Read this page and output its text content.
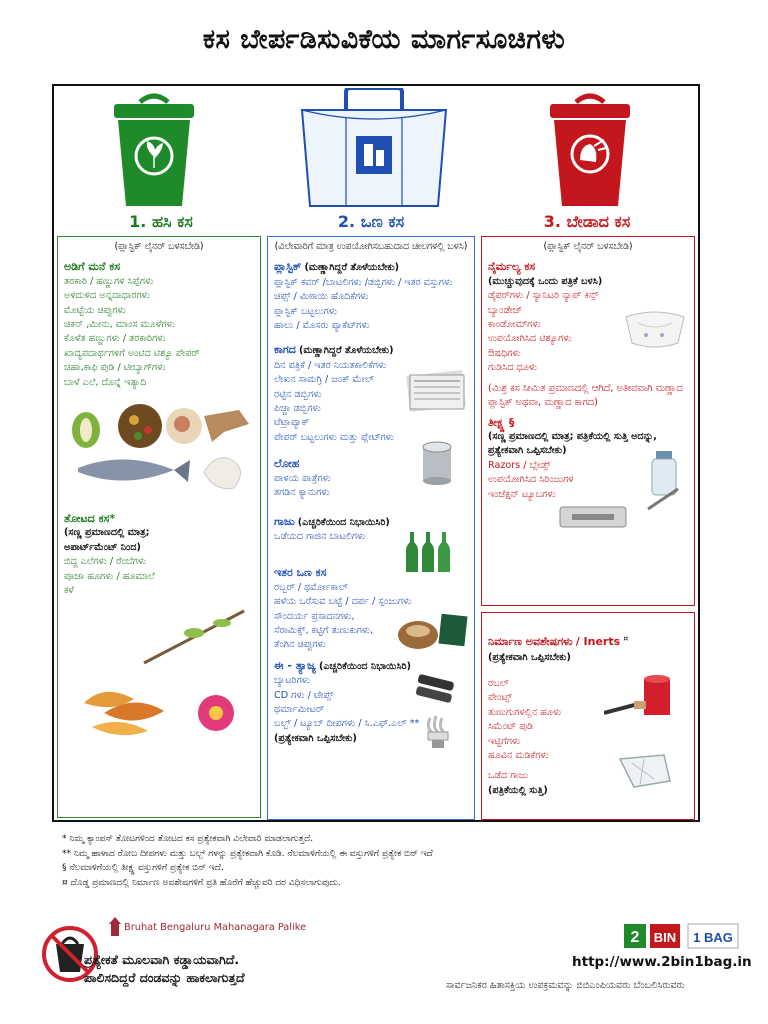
ಕಸ ಬೇರ್ಪಡಿಸುವಿಕೆಯ ಮಾರ್ಗಸೂಚಿಗಳು
1. ಹಸಿ ಕಸ	2. ಒಣ ಕಸ	3. ಬೇಡಾದ ಕಸ
(ಪ್ಲಾಸ್ಟಿಕ್ ಲೈನರ್ ಬಳಸಬೇಡಿ)
ಅಡಿಗೆ ಮನೆ ಕಸ
ತರಕಾರಿ / ಹಣ್ಣುಗಳ ಸಿಪ್ಪೆಗಳು
ಅಳಿದುಳಿದ ಅನ್ನದಾಧಾರಗಳು
ಮೊಟ್ಟೆಯ ಚಿಪ್ಪುಗಳು
ಚಿಕನ್ ,ಮೀನು, ಮಾಂಸ ಮೂಳೆಗಳು
ಕೊಳೆತ ಹಣ್ಣುಗಳು / ತರಕಾರಿಗಳು
ಖಾದ್ಯಪದಾರ್ಥಗಳಿಗೆ ಅಂಟಿದ ಟಿಶ್ಯೂ ಪೇಪರ್
ಚಹಾ,ಕಾಫಿ ಪುಡಿ / ಟೀಬ್ಯಾಗ್‍ಗಳು
ಬಾಳೆ ಎಲೆ, ದೊನ್ನೆ ಇತ್ಯಾದಿ
ತೋಟದ ಕಸ*
(ಸಣ್ಣ ಪ್ರಮಾಣದಲ್ಲಿ ಮಾತ್ರ;
ಅಪಾರ್ಟ್‍ಮೆಂಟ್ ನಿಂದ)
ಬಿದ್ದ ಎಲೆಗಳು / ರೆಂಬೆಗಳು
ಪೂಜಾ ಹೂಗಳು / ಹೂಮಾಲೆ
ಕಳೆ
(ವಿಲೇವಾರಿಗೆ ಮಾತ್ರ ಉಪಯೋಗಿಸಬಹುದಾದ ಚೀಲಗಳಲ್ಲಿ ಬಳಸಿ)
ಪ್ಲಾಸ್ಟಿಕ್ (ಮಣ್ಣಾಗಿದ್ದರೆ ತೊಳೆಯಬೇಕು)
ಪ್ಲಾಸ್ಟಿಕ್ ಕವರ್ /ಬಾಟಲಿಗಳು /ಡಬ್ಬಿಗಳು / ಇತರ ವಸ್ತುಗಳು
ಚಿಪ್ಸ್ / ಮಿಠಾಯಿ ಹೊದಿಕೆಗಳು
ಪ್ಲಾಸ್ಟಿಕ್ ಬಟ್ಟಲುಗಳು
ಹಾಲು / ಮೊಸರು ಪ್ಯಾಕೆಟ್‍ಗಳು
ಕಾಗದ (ಮಣ್ಣಾಗಿದ್ದರೆ ತೊಳೆಯಬೇಕು)
ದಿನ ಪತ್ರಿಕೆ / ಇತರ ನಿಯತಕಾಲಿಕೆಗಳು
ಲೇಖನ ಸಾಮಗ್ರಿ / ಜಂಕ್ ಮೇಲ್
ರಟ್ಟಿನ ಡಬ್ಬಿಗಳು
ಪಿಜ್ಜಾ ಡಬ್ಬಿಗಳು
ಟೆಟ್ರಾಪ್ಯಾಕ್
ಪೇಪರ್ ಬಟ್ಟಲುಗಳು ಮತ್ತು ಪ್ಲೇಟ್‍ಗಳು
ಲೋಹ
ಪಾಳಯ ಪಾತ್ರೆಗಳು
ತಗಡಿನ ಕ್ಯಾನುಗಳು
ಗಾಜು (ಎಚ್ಚರಿಕೆಯಿಂದ ನಿಭಾಯಿಸಿರಿ)
ಒಡೆಯದ ಗಾಜಿನ ಬಾಟಲಿಗಳು
ಇತರ ಒಣ ಕಸ
ರಬ್ಬರ್ / ಥರ್ಮೋಕಾಲ್
ಹಳೆಯ ಒರೆಸುವ ಬಟ್ಟೆ / ದರ್ಪ / ಸ್ಪಂಜುಗಳು
ಸೌಂದರ್ಯ ಪ್ರಸಾದನಗಳು,
ಸೆರಾಮಿಕ್ಸ್, ಕಟ್ಟಿಗೆ ತುಣುಕುಗಳು,
ತೆಂಗಿನ ಚಿಪ್ಪುಗಳು
ಈ - ತ್ಯಾಜ್ಯ (ಎಚ್ಚರಿಕೆಯಿಂದ ನಿಭಾಯಿಸಿರಿ)
ಬ್ಯಾಟರಿಗಳು
CD ಗಳು / ಟೇಪ್ಸ್
ಥರ್ಮಾಮೀಟರ್
ಬಲ್ಬ್ / ಟ್ಯೂಬ್ ದೀಪಗಳು / ಸಿ.ಎಫ್.ಎಲ್ **
(ಪ್ರತ್ಯೇಕವಾಗಿ ಒಪ್ಪಿಸಬೇಕು)
(ಪ್ಲಾಸ್ಟಿಕ್ ಲೈನರ್ ಬಳಸಬೇಡಿ)
ನೈರ್ಮಲ್ಯ ಕಸ
(ಮುಚ್ಚುವುದಕ್ಕೆ ಒಂದು ಪತ್ರಿಕೆ ಬಳಸಿ)
ಡೈಪರ್‌ಗಳು / ಸ್ಯಾನಿಟರಿ ನ್ಯಾಪ್ ಕಿನ್ಸ್
ಬ್ಯಾಂಡೇಜ್
ಕಾಂಡೋಮ್‍ಗಳು
ಉಪಯೋಗಿಸಿದ ಟಿಶ್ಯೂಗಳು
ಔಷಧಿಗಳು
ಗುಡಿಸಿದ ಧೂಳು
(ಮಿಶ್ರ ಕಸ ಸೀಮಿತ ಪ್ರಮಾಣದಲ್ಲಿ ಆಗಿದೆ, ಅತೀವವಾಗಿ ಮಣ್ಣಾದ ಪ್ಲಾಸ್ಟಿಕ್ ಅಥವಾ, ಮಣ್ಣಾದ ಕಾಗದ)
ತೀಕ್ಷ್ಣ §
(ಸಣ್ಣ ಪ್ರಮಾಣದಲ್ಲಿ ಮಾತ್ರ; ಪತ್ರಿಕೆಯಲ್ಲಿ ಸುತ್ತಿ ಅದನ್ನು, ಪ್ರತ್ಯೇಕವಾಗಿ ಒಪ್ಪಿಸಬೇಕು)
Razors / ಬ್ಲೇಡ್ಸ್
ಉಪಯೋಗಿಸಿದ ಸಿರಿಂಜುಗಳ
ಇಂಜೆಕ್ಷನ್ ಟ್ಯೂಬಗಳು
ನಿರ್ಮಾಣ ಅವಶೇಷಗಳು / Inerts ¤
(ಪ್ರತ್ಯೇಕವಾಗಿ ಒಪ್ಪಿಸಬೇಕು)
ರಬಲ್
ಪೇಂಟ್ಸ್
ತುಣುಗುಗಳಲ್ಲಿನ ಹೂಳು
ಸಿಮೆಂಟ್ ಪುಡಿ
ಇಟ್ಟಿಗೆಗಳು
ಹೂವಿನ ಮಡಿಕೆಗಳು
ಒಡೆದ ಗಾಜು
(ಪತ್ರಿಕೆಯಲ್ಲಿ ಸುತ್ತಿ)
* ನಿಮ್ಮ ಕ್ಯಾಂಪಸ್ ತೋಟಗಳಿಂದ ತೋಟದ ಕಸ ಪ್ರತ್ಯೇಕವಾಗಿ ವಿಲೇವಾರಿ ಮಾಡಲಾಗುತ್ತದೆ.
** ನಿಮ್ಮ ಹಾಳಾದ ರೋಬ ದೀಪಗಳು ಮತ್ತು ಬಲ್ಬ್ ಗಳನ್ನು ಪ್ರತ್ಯೇಕವಾಗಿ ಕೊಡಿ. ನೆಲಮಾಳಿಗೆಯಲ್ಲಿ ಈ ವಸ್ತುಗಳಿಗೆ ಪ್ರತ್ಯೇಕ ಬಿನ್ ಇದೆ
§ ನೆಲಮಾಳಿಗೆಯಲ್ಲಿ ತೀಕ್ಷ್ಣ ವಸ್ತುಗಳಿಗೆ ಪ್ರತ್ಯೇಕ ಬಿನ್ ಇದೆ.
¤ ದೊಡ್ಡ ಪ್ರಮಾಣದಲ್ಲಿ ನಿರ್ಮಾಣ ಅವಶೇಷಗಳಿಗೆ ಪ್ರತಿ ಹೊರೆಗೆ ಹೆಚ್ಚುವರಿ ದರ ವಿಧಿಸಲಾಗುವುದು.
Bruhat Bengaluru Mahanagara Palike
ಪ್ರತ್ಯೇಕತೆ ಮೂಲವಾಗಿ ಕಡ್ಡಾಯವಾಗಿದೆ.
ಪಾಲಿಸದಿದ್ದರೆ ದಂಡವನ್ನು ಹಾಕಲಾಗುತ್ತದೆ
2 BIN 1 BAG
http://www.2bin1bag.in
ಸಾರ್ವಜನಿಕರ ಹಿತಾಸಕ್ತಿಯ ಉಪಕ್ರಮವನ್ನು ಬಿಬಿಎಂಪಿಯವರು ಬೆಂಬಲಿಸಿರುವರು
